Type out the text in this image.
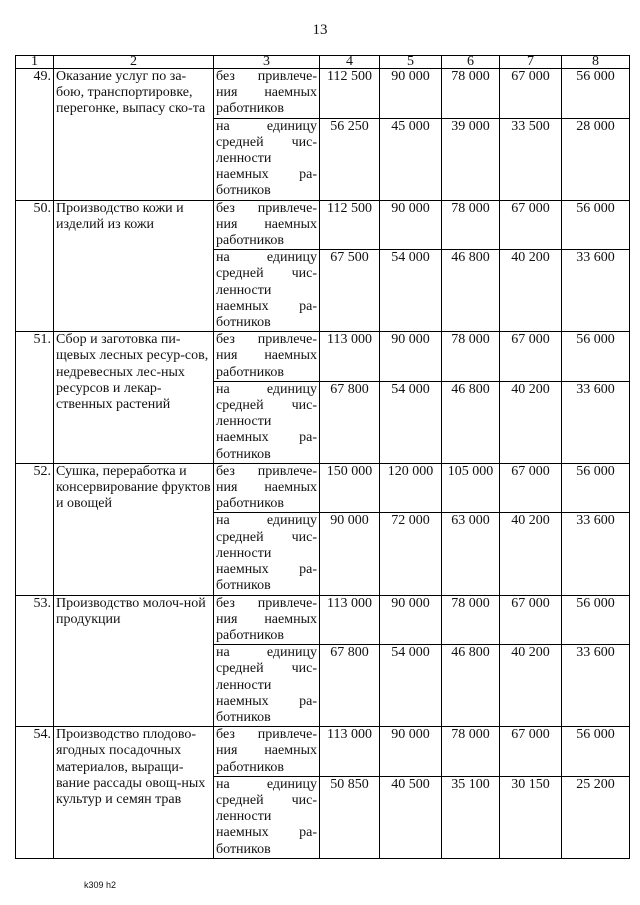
13
1	2	3	4	5	6	7	8
49.	Оказание услуг по за-бою, транспортировке, перегонке, выпасу ско-та	без привлече-ния наемных работников	112 500	90 000	78 000	67 000	56 000
		на единицу средней чис-ленности наемных ра-ботников	56 250	45 000	39 000	33 500	28 000
50.	Производство кожи и изделий из кожи	без привлече-ния наемных работников	112 500	90 000	78 000	67 000	56 000
		на единицу средней чис-ленности наемных ра-ботников	67 500	54 000	46 800	40 200	33 600
51.	Сбор и заготовка пи-щевых лесных ресур-сов, недревесных лес-ных ресурсов и лекар-ственных растений	без привлече-ния наемных работников	113 000	90 000	78 000	67 000	56 000
		на единицу средней чис-ленности наемных ра-ботников	67 800	54 000	46 800	40 200	33 600
52.	Сушка, переработка и консервирование фруктов и овощей	без привлече-ния наемных работников	150 000	120 000	105 000	67 000	56 000
		на единицу средней чис-ленности наемных ра-ботников	90 000	72 000	63 000	40 200	33 600
53.	Производство молоч-ной продукции	без привлече-ния наемных работников	113 000	90 000	78 000	67 000	56 000
		на единицу средней чис-ленности наемных ра-ботников	67 800	54 000	46 800	40 200	33 600
54.	Производство плодово-ягодных посадочных материалов, выращи-вание рассады овощ-ных культур и семян трав	без привлече-ния наемных работников	113 000	90 000	78 000	67 000	56 000
		на единицу средней чис-ленности наемных ра-ботников	50 850	40 500	35 100	30 150	25 200
k309 h2
